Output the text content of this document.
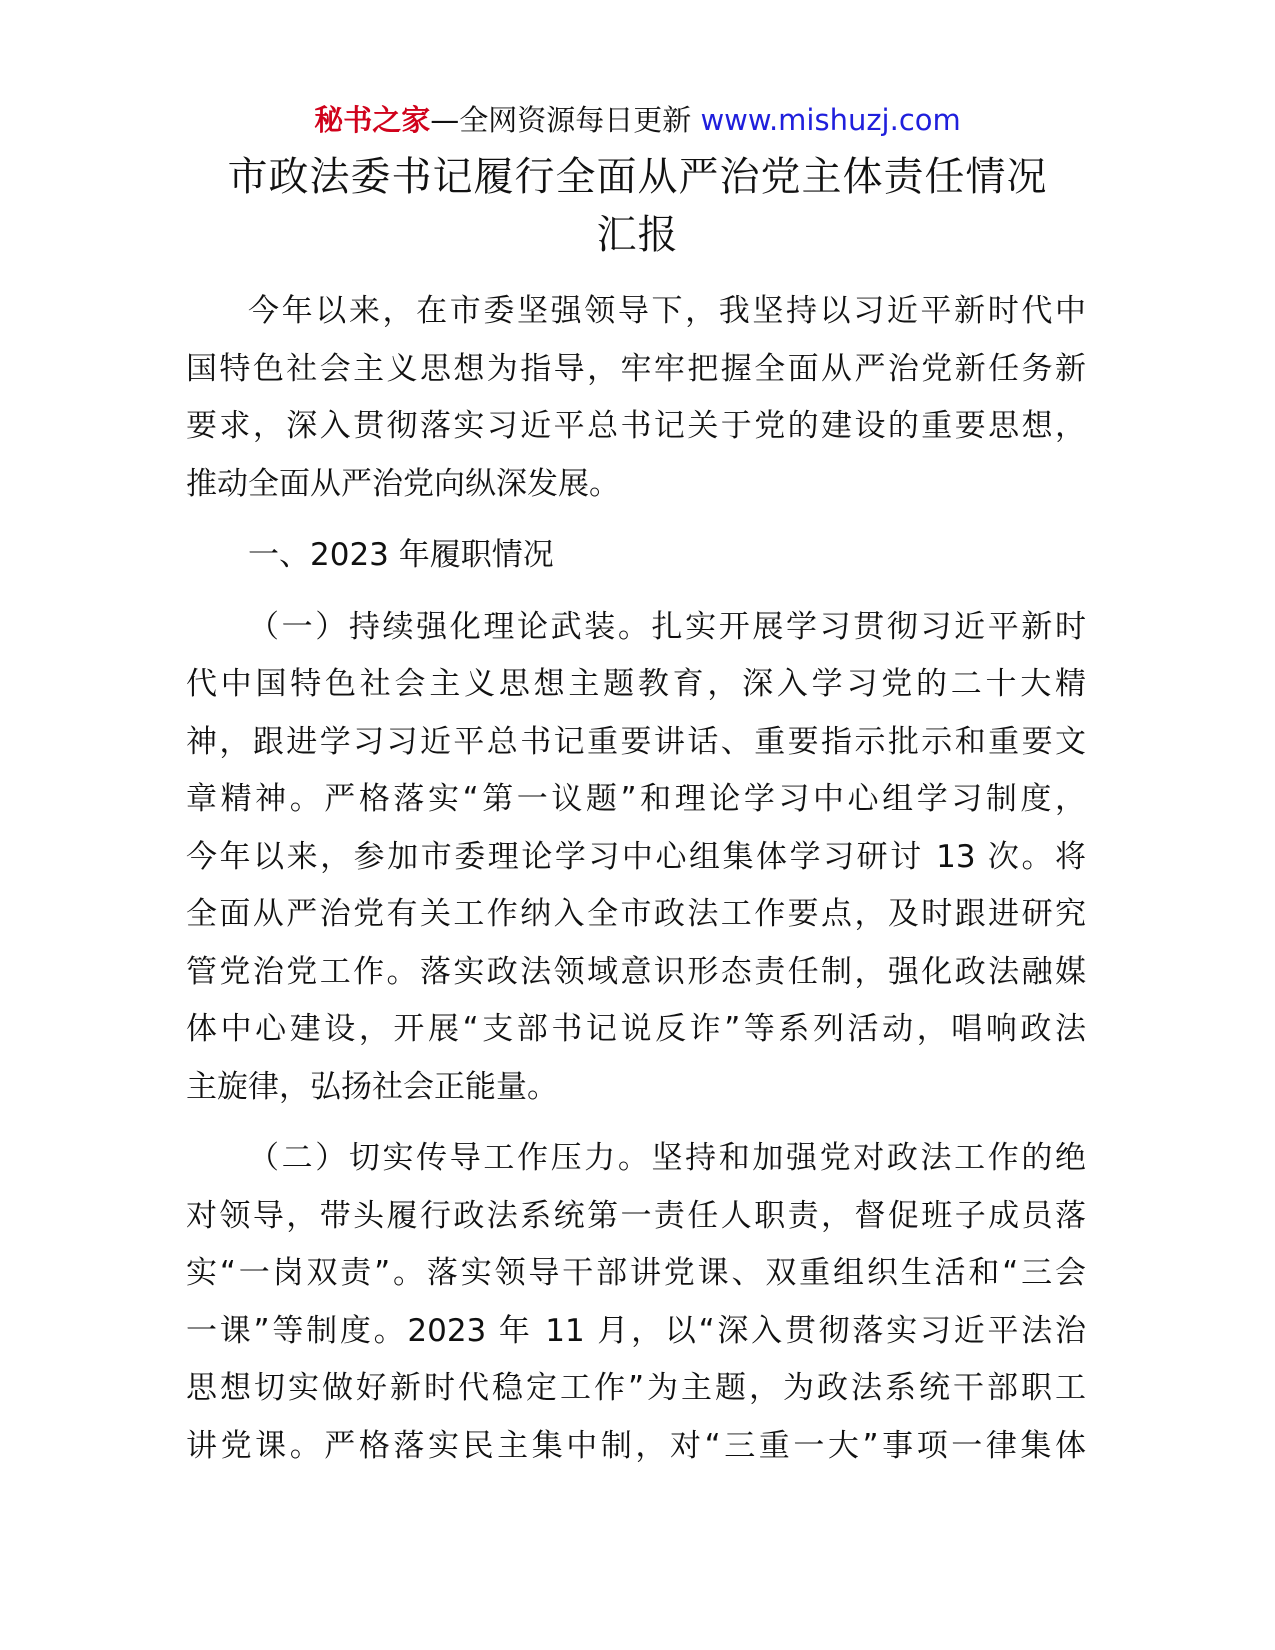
秘书之家—全网资源每日更新 www.mishuzj.com
市政法委书记履行全面从严治党主体责任情况
汇报
今年以来，在市委坚强领导下，我坚持以习近平新时代中
国特色社会主义思想为指导，牢牢把握全面从严治党新任务新
要求，深入贯彻落实习近平总书记关于党的建设的重要思想，
推动全面从严治党向纵深发展。
一、2023 年履职情况
（一）持续强化理论武装。扎实开展学习贯彻习近平新时
代中国特色社会主义思想主题教育，深入学习党的二十大精
神，跟进学习习近平总书记重要讲话、重要指示批示和重要文
章精神。严格落实“第一议题”和理论学习中心组学习制度，
今年以来，参加市委理论学习中心组集体学习研讨 13 次。将
全面从严治党有关工作纳入全市政法工作要点，及时跟进研究
管党治党工作。落实政法领域意识形态责任制，强化政法融媒
体中心建设，开展“支部书记说反诈”等系列活动，唱响政法
主旋律，弘扬社会正能量。
（二）切实传导工作压力。坚持和加强党对政法工作的绝
对领导，带头履行政法系统第一责任人职责，督促班子成员落
实“一岗双责”。落实领导干部讲党课、双重组织生活和“三会
一课”等制度。2023 年 11 月，以“深入贯彻落实习近平法治
思想切实做好新时代稳定工作”为主题，为政法系统干部职工
讲党课。严格落实民主集中制，对“三重一大”事项一律集体
